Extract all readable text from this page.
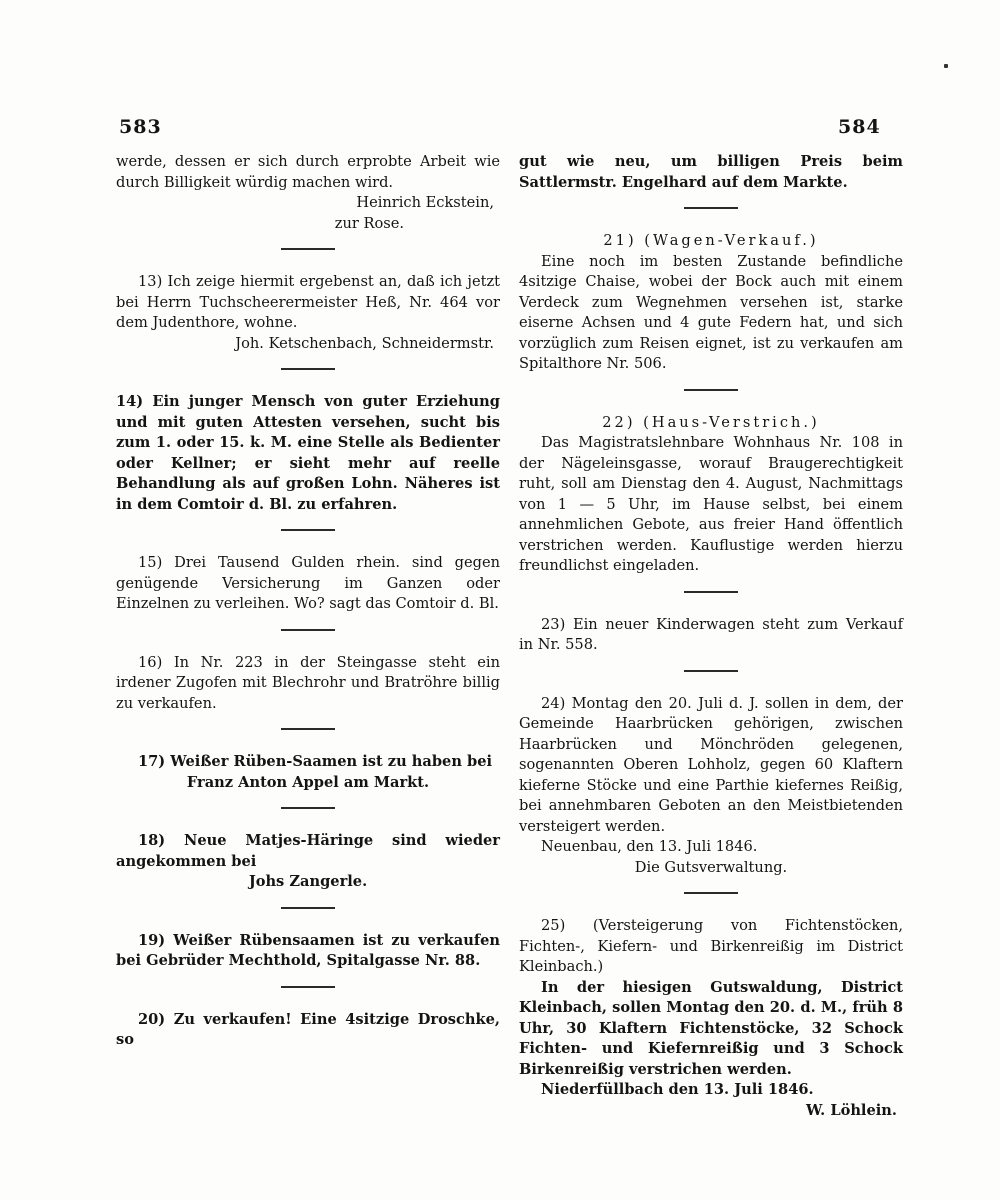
583	584

werde, dessen er sich durch erprobte Arbeit wie durch Billigkeit würdig machen wird.

Heinrich Eckstein,

zur Rose.

13) Ich zeige hiermit ergebenst an, daß ich jetzt bei Herrn Tuchscheerermeister Heß, Nr. 464 vor dem Judenthore, wohne.

Joh. Ketschenbach, Schneidermstr.

14) Ein junger Mensch von guter Erziehung und mit guten Attesten versehen, sucht bis zum 1. oder 15. k. M. eine Stelle als Bedienter oder Kellner; er sieht mehr auf reelle Behandlung als auf großen Lohn. Näheres ist in dem Comtoir d. Bl. zu erfahren.

15) Drei Tausend Gulden rhein. sind gegen genügende Versicherung im Ganzen oder Einzelnen zu verleihen. Wo? sagt das Comtoir d. Bl.

16) In Nr. 223 in der Steingasse steht ein irdener Zugofen mit Blechrohr und Bratröhre billig zu verkaufen.

17) Weißer Rüben-Saamen ist zu haben bei

Franz Anton Appel am Markt.

18) Neue Matjes-Häringe sind wieder angekommen bei

Johs Zangerle.

19) Weißer Rübensaamen ist zu verkaufen bei Gebrüder Mechthold, Spitalgasse Nr. 88.

20) Zu verkaufen! Eine 4sitzige Droschke, so

gut wie neu, um billigen Preis beim Sattlermstr. Engelhard auf dem Markte.

21) (Wagen-Verkauf.)

Eine noch im besten Zustande befindliche 4sitzige Chaise, wobei der Bock auch mit einem Verdeck zum Wegnehmen versehen ist, starke eiserne Achsen und 4 gute Federn hat, und sich vorzüglich zum Reisen eignet, ist zu verkaufen am Spitalthore Nr. 506.

22) (Haus-Verstrich.)

Das Magistratslehnbare Wohnhaus Nr. 108 in der Nägeleinsgasse, worauf Braugerechtigkeit ruht, soll am Dienstag den 4. August, Nachmittags von 1 — 5 Uhr, im Hause selbst, bei einem annehmlichen Gebote, aus freier Hand öffentlich verstrichen werden. Kauflustige werden hierzu freundlichst eingeladen.

23) Ein neuer Kinderwagen steht zum Verkauf in Nr. 558.

24) Montag den 20. Juli d. J. sollen in dem, der Gemeinde Haarbrücken gehörigen, zwischen Haarbrücken und Mönchröden gelegenen, sogenannten Oberen Lohholz, gegen 60 Klaftern kieferne Stöcke und eine Parthie kiefernes Reißig, bei annehmbaren Geboten an den Meistbietenden versteigert werden.

Neuenbau, den 13. Juli 1846.

Die Gutsverwaltung.

25) (Versteigerung von Fichtenstöcken, Fichten-, Kiefern- und Birkenreißig im District Kleinbach.)

In der hiesigen Gutswaldung, District Kleinbach, sollen Montag den 20. d. M., früh 8 Uhr, 30 Klaftern Fichtenstöcke, 32 Schock Fichten- und Kiefernreißig und 3 Schock Birkenreißig verstrichen werden.

Niederfüllbach den 13. Juli 1846.

W. Löhlein.
